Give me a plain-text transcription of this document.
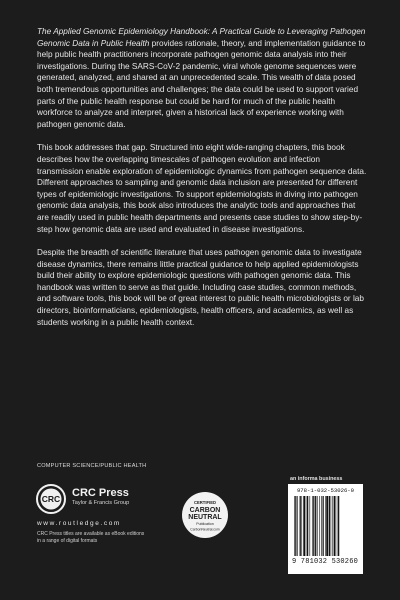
The Applied Genomic Epidemiology Handbook: A Practical Guide to Leveraging Pathogen Genomic Data in Public Health provides rationale, theory, and implementation guidance to help public health practitioners incorporate pathogen genomic data analysis into their investigations. During the SARS-CoV-2 pandemic, viral whole genome sequences were generated, analyzed, and shared at an unprecedented scale. This wealth of data posed both tremendous opportunities and challenges; the data could be used to support varied parts of the public health response but could be hard for much of the public health workforce to analyze and interpret, given a historical lack of experience working with pathogen genomic data.

This book addresses that gap. Structured into eight wide-ranging chapters, this book describes how the overlapping timescales of pathogen evolution and infection transmission enable exploration of epidemiologic dynamics from pathogen sequence data. Different approaches to sampling and genomic data inclusion are presented for different types of epidemiologic investigations. To support epidemiologists in diving into pathogen genomic data analysis, this book also introduces the analytic tools and approaches that are readily used in public health departments and presents case studies to show step-by-step how genomic data are used and evaluated in disease investigations.

Despite the breadth of scientific literature that uses pathogen genomic data to investigate disease dynamics, there remains little practical guidance to help applied epidemiologists build their ability to explore epidemiologic questions with pathogen genomic data. This handbook was written to serve as that guide. Including case studies, common methods, and software tools, this book will be of great interest to public health microbiologists or lab directors, bioinformaticians, epidemiologists, health officers, and academics, as well as students working in a public health context.

COMPUTER SCIENCE/PUBLIC HEALTH
CRC
CRC Press
Taylor & Francis Group
www.routledge.com
CRC Press titles are available as eBook editions in a range of digital formats
CERTIFIED
CARBON
NEUTRAL
Publication
CarbonNeutral.com
an informa business
978-1-032-53026-0
9 781032 530260
